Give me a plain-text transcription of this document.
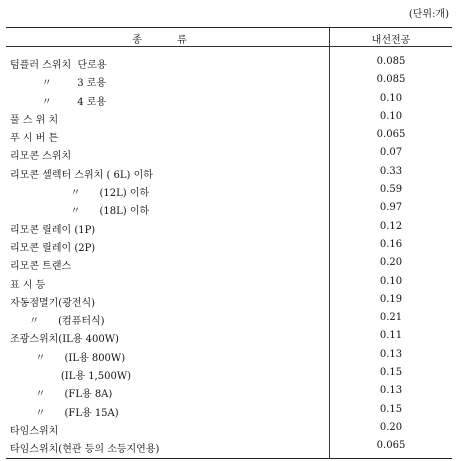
(단위:개)
종 류	내선전공
텀플러 스위치  단로용	0.085
〃        3 로용	0.085
〃        4 로용	0.10
풀 스 위 치	0.10
푸 시 버 튼	0.065
리모콘 스위치	0.07
리모콘 셀렉터 스위치 ( 6L) 이하	0.33
〃      (12L) 이하	0.59
〃      (18L) 이하	0.97
리모콘 릴레이 (1P)	0.12
리모콘 릴레이 (2P)	0.16
리모콘 트랜스	0.20
표 시 등	0.10
자동점멸기(광전식)	0.19
〃      (컴퓨터식)	0.21
조광스위치(IL용 400W)	0.11
〃      (IL용 800W)	0.13
(IL용 1,500W)	0.15
〃      (FL용 8A)	0.13
〃      (FL용 15A)	0.15
타임스위치	0.20
타임스위치(현관 등의 소등지연용)	0.065
